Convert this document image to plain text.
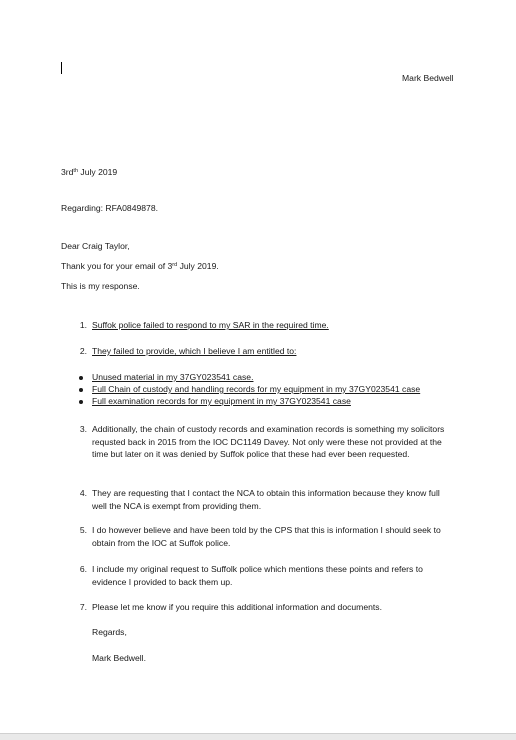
Mark Bedwell
$3rd^{th}$ July 2019
Regarding: RFA0849878.
Dear Craig Taylor,
Thank you for your email of 3rd July 2019.
This is my response.
1. Suffok police failed to respond to my SAR in the required time.
2. They failed to provide, which I believe I am entitled to:
Unused material in my 37GY023541 case.
Full Chain of custody and handling records for my equipment in my 37GY023541 case
Full examination records for my equipment in my 37GY023541 case
3. Additionally, the chain of custody records and examination records is something my solicitors requsted back in 2015 from the IOC DC1149 Davey. Not only were these not provided at the time but later on it was denied by Suffok police that these had ever been requested.
4. They are requesting that I contact the NCA to obtain this information because they know full well the NCA is exempt from providing them.
5. I do however believe and have been told by the CPS that this is information I should seek to obtain from the IOC at Suffok police.
6. I include my original request to Suffolk police which mentions these points and refers to evidence I provided to back them up.
7. Please let me know if you require this additional information and documents.
Regards,
Mark Bedwell.
